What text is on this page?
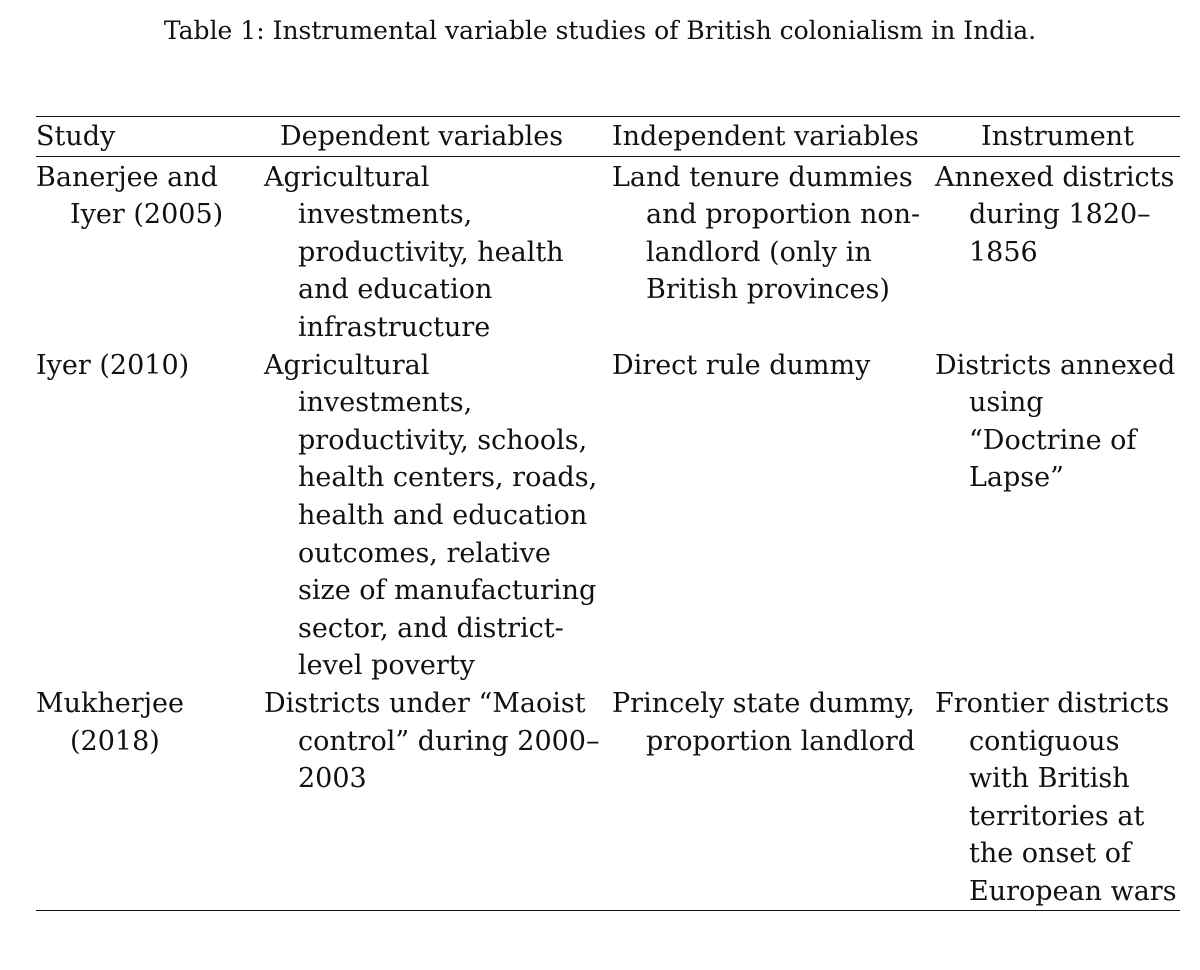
Table 1: Instrumental variable studies of British colonialism in India.
Study	Dependent variables	Independent variables	Instrument

Banerjee and Iyer (2005)	Agricultural investments, productivity, health and education infrastructure	Land tenure dummies and proportion non-landlord (only in British provinces)	Annexed districts during 1820–1856

Iyer (2010)	Agricultural investments, productivity, schools, health centers, roads, health and education outcomes, relative size of manufacturing sector, and district-level poverty	Direct rule dummy	Districts annexed using “Doctrine of Lapse”

Mukherjee (2018)	Districts under “Maoist control” during 2000–2003	Princely state dummy, proportion landlord	Frontier districts contiguous with British territories at the onset of European wars
